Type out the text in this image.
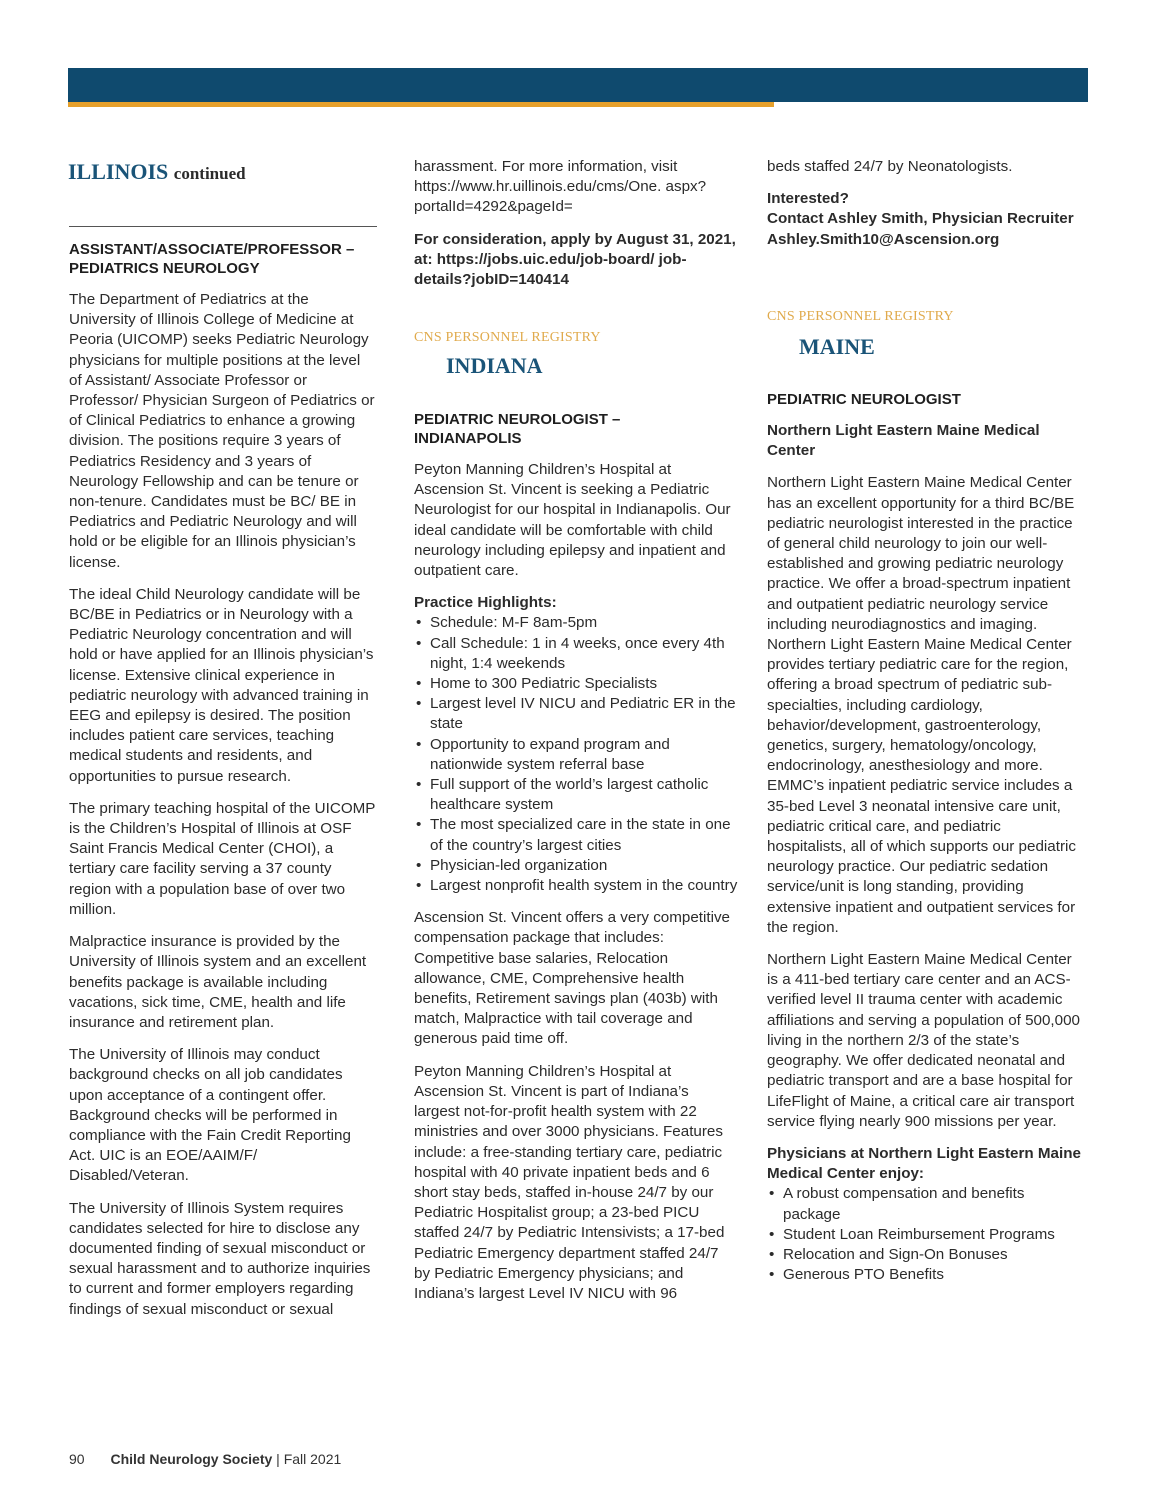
ILLINOIS continued

ASSISTANT/ASSOCIATE/PROFESSOR –
PEDIATRICS NEUROLOGY

The Department of Pediatrics at the University of Illinois College of Medicine at Peoria (UICOMP) seeks Pediatric Neurology physicians for multiple positions at the level of Assistant/ Associate Professor or Professor/ Physician Surgeon of Pediatrics or of Clinical Pediatrics to enhance a growing division. The positions require 3 years of Pediatrics Residency and 3 years of Neurology Fellowship and can be tenure or non-tenure. Candidates must be BC/ BE in Pediatrics and Pediatric Neurology and will hold or be eligible for an Illinois physician’s license.

The ideal Child Neurology candidate will be BC/BE in Pediatrics or in Neurology with a Pediatric Neurology concentration and will hold or have applied for an Illinois physician’s license. Extensive clinical experience in pediatric neurology with advanced training in EEG and epilepsy is desired. The position includes patient care services, teaching medical students and residents, and opportunities to pursue research.

The primary teaching hospital of the UICOMP is the Children’s Hospital of Illinois at OSF Saint Francis Medical Center (CHOI), a tertiary care facility serving a 37 county region with a population base of over two million.

Malpractice insurance is provided by the University of Illinois system and an excellent benefits package is available including vacations, sick time, CME, health and life insurance and retirement plan.

The University of Illinois may conduct background checks on all job candidates upon acceptance of a contingent offer. Background checks will be performed in compliance with the Fain Credit Reporting Act. UIC is an EOE/AAIM/F/ Disabled/Veteran.

The University of Illinois System requires candidates selected for hire to disclose any documented finding of sexual misconduct or sexual harassment and to authorize inquiries to current and former employers regarding findings of sexual misconduct or sexual

harassment. For more information, visit https://www.hr.uillinois.edu/cms/One. aspx?portalId=4292&pageId=

For consideration, apply by August 31, 2021, at: https://jobs.uic.edu/job-board/ job-details?jobID=140414

CNS PERSONNEL REGISTRY
INDIANA

PEDIATRIC NEUROLOGIST –
INDIANAPOLIS

Peyton Manning Children’s Hospital at Ascension St. Vincent is seeking a Pediatric Neurologist for our hospital in Indianapolis. Our ideal candidate will be comfortable with child neurology including epilepsy and inpatient and outpatient care.

Practice Highlights:

• Schedule: M-F 8am-5pm
• Call Schedule: 1 in 4 weeks, once every 4th night, 1:4 weekends
• Home to 300 Pediatric Specialists
• Largest level IV NICU and Pediatric ER in the state
• Opportunity to expand program and nationwide system referral base
• Full support of the world’s largest catholic healthcare system
• The most specialized care in the state in one of the country’s largest cities
• Physician-led organization
• Largest nonprofit health system in the country

Ascension St. Vincent offers a very competitive compensation package that includes: Competitive base salaries, Relocation allowance, CME, Comprehensive health benefits, Retirement savings plan (403b) with match, Malpractice with tail coverage and generous paid time off.

Peyton Manning Children’s Hospital at Ascension St. Vincent is part of Indiana’s largest not-for-profit health system with 22 ministries and over 3000 physicians. Features include: a free-standing tertiary care, pediatric hospital with 40 private inpatient beds and 6 short stay beds, staffed in-house 24/7 by our Pediatric Hospitalist group; a 23-bed PICU staffed 24/7 by Pediatric Intensivists; a 17-bed Pediatric Emergency department staffed 24/7 by Pediatric Emergency physicians; and Indiana’s largest Level IV NICU with 96

beds staffed 24/7 by Neonatologists.

Interested?

Contact Ashley Smith, Physician Recruiter

Ashley.Smith10@Ascension.org

CNS PERSONNEL REGISTRY
MAINE

PEDIATRIC NEUROLOGIST

Northern Light Eastern Maine Medical Center

Northern Light Eastern Maine Medical Center has an excellent opportunity for a third BC/BE pediatric neurologist interested in the practice of general child neurology to join our well-established and growing pediatric neurology practice. We offer a broad-spectrum inpatient and outpatient pediatric neurology service including neurodiagnostics and imaging. Northern Light Eastern Maine Medical Center provides tertiary pediatric care for the region, offering a broad spectrum of pediatric sub-specialties, including cardiology, behavior/development, gastroenterology, genetics, surgery, hematology/oncology, endocrinology, anesthesiology and more. EMMC’s inpatient pediatric service includes a 35-bed Level 3 neonatal intensive care unit, pediatric critical care, and pediatric hospitalists, all of which supports our pediatric neurology practice. Our pediatric sedation service/unit is long standing, providing extensive inpatient and outpatient services for the region.

Northern Light Eastern Maine Medical Center is a 411-bed tertiary care center and an ACS-verified level II trauma center with academic affiliations and serving a population of 500,000 living in the northern 2/3 of the state’s geography. We offer dedicated neonatal and pediatric transport and are a base hospital for LifeFlight of Maine, a critical care air transport service flying nearly 900 missions per year.

Physicians at Northern Light Eastern Maine Medical Center enjoy:

• A robust compensation and benefits package
• Student Loan Reimbursement Programs
• Relocation and Sign-On Bonuses
• Generous PTO Benefits
90 Child Neurology Society | Fall 2021
